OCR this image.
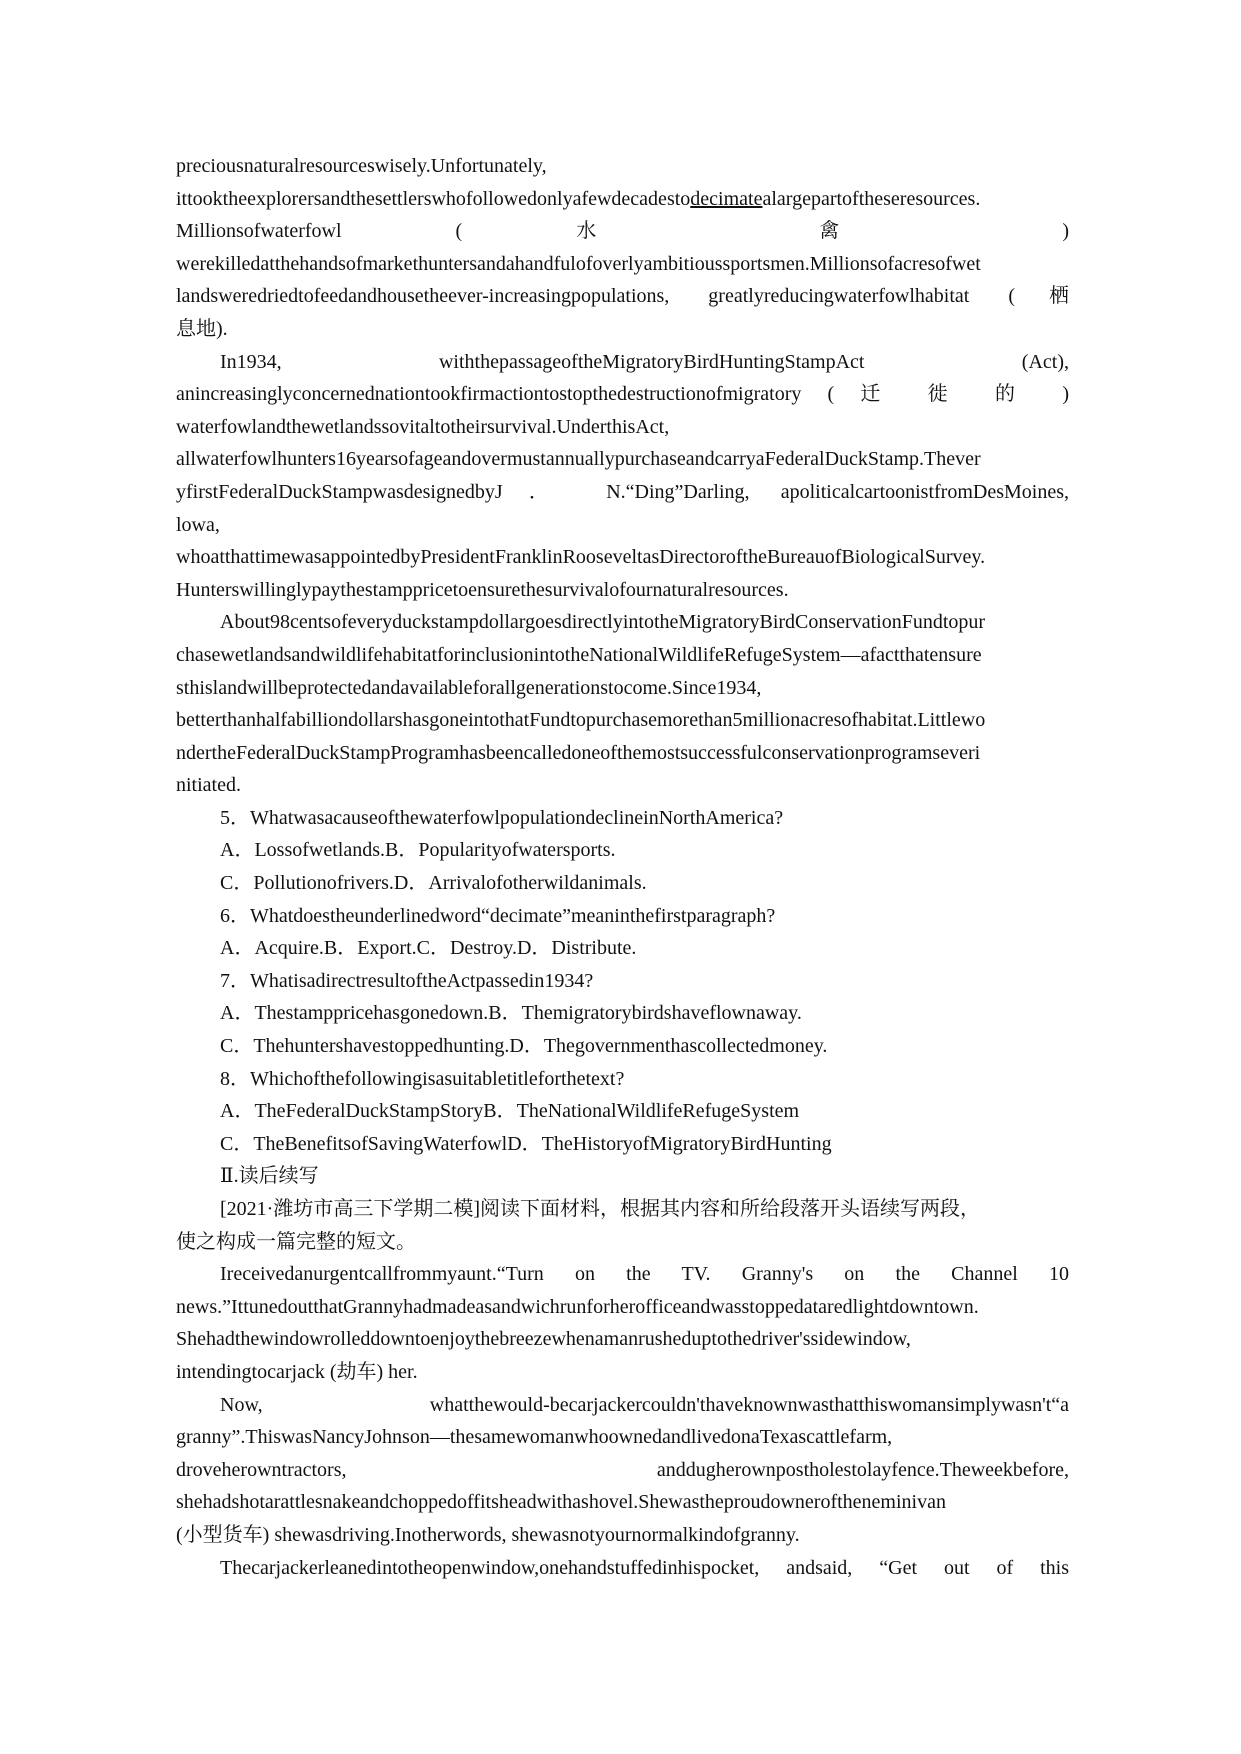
preciousnaturalresourceswisely.Unfortunately,
ittooktheexplorersandthesettlerswhofollowedonlyafewdecadestodecimatealargepartoftheseresources.
Millionsofwaterfowl ( 水 禽 )
werekilledatthehandsofmarkethuntersandahandfulofoverlyambitioussportsmen.Millionsofacresofwet
landsweredriedtofeedandhousetheever-increasingpopulations, greatlyreducingwaterfowlhabitat (栖
息地).
In1934, withthepassageoftheMigratoryBirdHuntingStampAct (Act),
anincreasinglyconcernednationtookfirmactiontostopthedestructionofmigratory ( 迁 徙 的 )
waterfowlandthewetlandssovitaltotheirsurvival.UnderthisAct,
allwaterfowlhunters16yearsofageandovermustannuallypurchaseandcarryaFederalDuckStamp.Thever
yfirstFederalDuckStampwasdesignedbyJ． N.“Ding”Darling, apoliticalcartoonistfromDesMoines,
lowa,
whoatthattimewasappointedbyPresidentFranklinRooseveltasDirectoroftheBureauofBiologicalSurvey.
Hunterswillinglypaythestamppricetoensurethesurvivalofournaturalresources.
About98centsofeveryduckstampdollargoesdirectlyintotheMigratoryBirdConservationFundtopur
chasewetlandsandwildlifehabitatforinclusionintotheNationalWildlifeRefugeSystem—afactthatensure
sthislandwillbeprotectedandavailableforallgenerationstocome.Since1934,
betterthanhalfabilliondollarshasgoneintothatFundtopurchasemorethan5millionacresofhabitat.Littlewo
ndertheFederalDuckStampProgramhasbeencalledoneofthemostsuccessfulconservationprogramseveri
nitiated.
5．WhatwasacauseofthewaterfowlpopulationdeclineinNorthAmerica?
A．Lossofwetlands.B．Popularityofwatersports.
C．Pollutionofrivers.D．Arrivalofotherwildanimals.
6．Whatdoestheunderlinedword“decimate”meaninthefirstparagraph?
A．Acquire.B．Export.C．Destroy.D．Distribute.
7．WhatisadirectresultoftheActpassedin1934?
A．Thestamppricehasgonedown.B．Themigratorybirdshaveflownaway.
C．Thehuntershavestoppedhunting.D．Thegovernmenthascollectedmoney.
8．Whichofthefollowingisasuitabletitleforthetext?
A．TheFederalDuckStampStoryB．TheNationalWildlifeRefugeSystem
C．TheBenefitsofSavingWaterfowlD．TheHistoryofMigratoryBirdHunting
Ⅱ.读后续写
[2021·潍坊市高三下学期二模]阅读下面材料，根据其内容和所给段落开头语续写两段，
使之构成一篇完整的短文。
Ireceivedanurgentcallfrommyaunt.“Turn on the TV. Granny's on the Channel 10
news.”IttunedoutthatGrannyhadmadeasandwichrunforherofficeandwasstoppedataredlightdowntown.
Shehadthewindowrolleddowntoenjoythebreezewhenamanrusheduptothedriver'ssidewindow,
intendingtocarjack (劫车) her.
Now, whatthewould-becarjackercouldn'thaveknownwasthatthiswomansimplywasn't“a
granny”.ThiswasNancyJohnson—thesamewomanwhoownedandlivedonaTexascattlefarm,
droveherowntractors, anddugherownpostholestolayfence.Theweekbefore,
shehadshotarattlesnakeandchoppedoffitsheadwithashovel.Shewastheproudowneroftheneminivan
(小型货车) shewasdriving.Inotherwords, shewasnotyournormalkindofgranny.
Thecarjackerleanedintotheopenwindow,onehandstuffedinhispocket, andsaid, “Get out of this
